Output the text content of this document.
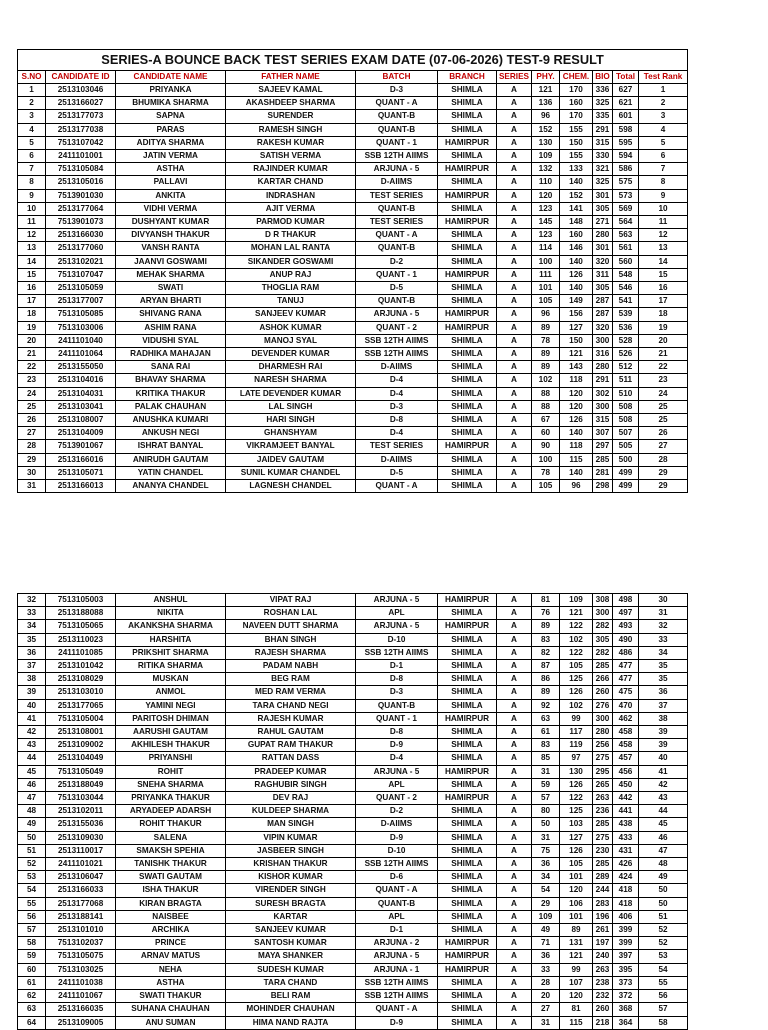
SERIES-A BOUNCE BACK TEST SERIES EXAM DATE (07-06-2026) TEST-9 RESULT											
S.NO	CANDIDATE ID	CANDIDATE NAME	FATHER NAME	BATCH	BRANCH	SERIES	PHY.	CHEM.	BIO	Total	Test Rank
1	2513103046	PRIYANKA	SAJEEV KAMAL	D-3	SHIMLA	A	121	170	336	627	1
2	2513166027	BHUMIKA SHARMA	AKASHDEEP SHARMA	QUANT - A	SHIMLA	A	136	160	325	621	2
3	2513177073	SAPNA	SURENDER	QUANT-B	SHIMLA	A	96	170	335	601	3
4	2513177038	PARAS	RAMESH SINGH	QUANT-B	SHIMLA	A	152	155	291	598	4
5	7513107042	ADITYA SHARMA	RAKESH KUMAR	QUANT - 1	HAMIRPUR	A	130	150	315	595	5
6	2411101001	JATIN VERMA	SATISH VERMA	SSB 12TH AIIMS	SHIMLA	A	109	155	330	594	6
7	7513105084	ASTHA	RAJINDER KUMAR	ARJUNA - 5	HAMIRPUR	A	132	133	321	586	7
8	2513105016	PALLAVI	KARTAR CHAND	D-AIIMS	SHIMLA	A	110	140	325	575	8
9	7513901030	ANKITA	INDRASHAN	TEST SERIES	HAMIRPUR	A	120	152	301	573	9
10	2513177064	VIDHI VERMA	AJIT VERMA	QUANT-B	SHIMLA	A	123	141	305	569	10
11	7513901073	DUSHYANT KUMAR	PARMOD KUMAR	TEST SERIES	HAMIRPUR	A	145	148	271	564	11
12	2513166030	DIVYANSH THAKUR	D R THAKUR	QUANT - A	SHIMLA	A	123	160	280	563	12
13	2513177060	VANSH RANTA	MOHAN LAL RANTA	QUANT-B	SHIMLA	A	114	146	301	561	13
14	2513102021	JAANVI GOSWAMI	SIKANDER GOSWAMI	D-2	SHIMLA	A	100	140	320	560	14
15	7513107047	MEHAK SHARMA	ANUP RAJ	QUANT - 1	HAMIRPUR	A	111	126	311	548	15
16	2513105059	SWATI	THOGLIA RAM	D-5	SHIMLA	A	101	140	305	546	16
17	2513177007	ARYAN BHARTI	TANUJ	QUANT-B	SHIMLA	A	105	149	287	541	17
18	7513105085	SHIVANG RANA	SANJEEV KUMAR	ARJUNA - 5	HAMIRPUR	A	96	156	287	539	18
19	7513103006	ASHIM RANA	ASHOK KUMAR	QUANT - 2	HAMIRPUR	A	89	127	320	536	19
20	2411101040	VIDUSHI SYAL	MANOJ SYAL	SSB 12TH AIIMS	SHIMLA	A	78	150	300	528	20
21	2411101064	RADHIKA MAHAJAN	DEVENDER KUMAR	SSB 12TH AIIMS	SHIMLA	A	89	121	316	526	21
22	2513155050	SANA RAI	DHARMESH RAI	D-AIIMS	SHIMLA	A	89	143	280	512	22
23	2513104016	BHAVAY SHARMA	NARESH SHARMA	D-4	SHIMLA	A	102	118	291	511	23
24	2513104031	KRITIKA THAKUR	LATE DEVENDER KUMAR	D-4	SHIMLA	A	88	120	302	510	24
25	2513103041	PALAK CHAUHAN	LAL SINGH	D-3	SHIMLA	A	88	120	300	508	25
26	2513108007	ANUSHKA KUMARI	HARI SINGH	D-8	SHIMLA	A	67	126	315	508	25
27	2513104009	ANKUSH NEGI	GHANSHYAM	D-4	SHIMLA	A	60	140	307	507	26
28	7513901067	ISHRAT BANYAL	VIKRAMJEET BANYAL	TEST SERIES	HAMIRPUR	A	90	118	297	505	27
29	2513166016	ANIRUDH GAUTAM	JAIDEV GAUTAM	D-AIIMS	SHIMLA	A	100	115	285	500	28
30	2513105071	YATIN CHANDEL	SUNIL KUMAR CHANDEL	D-5	SHIMLA	A	78	140	281	499	29
31	2513166013	ANANYA CHANDEL	LAGNESH CHANDEL	QUANT - A	SHIMLA	A	105	96	298	499	29
32	7513105003	ANSHUL	VIPAT RAJ	ARJUNA - 5	HAMIRPUR	A	81	109	308	498	30
33	2513188088	NIKITA	ROSHAN LAL	APL	SHIMLA	A	76	121	300	497	31
34	7513105065	AKANKSHA SHARMA	NAVEEN DUTT SHARMA	ARJUNA - 5	HAMIRPUR	A	89	122	282	493	32
35	2513110023	HARSHITA	BHAN SINGH	D-10	SHIMLA	A	83	102	305	490	33
36	2411101085	PRIKSHIT SHARMA	RAJESH SHARMA	SSB 12TH AIIMS	SHIMLA	A	82	122	282	486	34
37	2513101042	RITIKA SHARMA	PADAM NABH	D-1	SHIMLA	A	87	105	285	477	35
38	2513108029	MUSKAN	BEG RAM	D-8	SHIMLA	A	86	125	266	477	35
39	2513103010	ANMOL	MED RAM VERMA	D-3	SHIMLA	A	89	126	260	475	36
40	2513177065	YAMINI NEGI	TARA CHAND NEGI	QUANT-B	SHIMLA	A	92	102	276	470	37
41	7513105004	PARITOSH DHIMAN	RAJESH KUMAR	QUANT - 1	HAMIRPUR	A	63	99	300	462	38
42	2513108001	AARUSHI GAUTAM	RAHUL GAUTAM	D-8	SHIMLA	A	61	117	280	458	39
43	2513109002	AKHILESH THAKUR	GUPAT RAM THAKUR	D-9	SHIMLA	A	83	119	256	458	39
44	2513104049	PRIYANSHI	RATTAN DASS	D-4	SHIMLA	A	85	97	275	457	40
45	7513105049	ROHIT	PRADEEP KUMAR	ARJUNA - 5	HAMIRPUR	A	31	130	295	456	41
46	2513188049	SNEHA SHARMA	RAGHUBIR SINGH	APL	SHIMLA	A	59	126	265	450	42
47	7513103044	PRIYANKA THAKUR	DEV RAJ	QUANT - 2	HAMIRPUR	A	57	122	263	442	43
48	2513102011	ARYADEEP ADARSH	KULDEEP SHARMA	D-2	SHIMLA	A	80	125	236	441	44
49	2513155036	ROHIT THAKUR	MAN SINGH	D-AIIMS	SHIMLA	A	50	103	285	438	45
50	2513109030	SALENA	VIPIN KUMAR	D-9	SHIMLA	A	31	127	275	433	46
51	2513110017	SMAKSH SPEHIA	JASBEER SINGH	D-10	SHIMLA	A	75	126	230	431	47
52	2411101021	TANISHK THAKUR	KRISHAN THAKUR	SSB 12TH AIIMS	SHIMLA	A	36	105	285	426	48
53	2513106047	SWATI GAUTAM	KISHOR KUMAR	D-6	SHIMLA	A	34	101	289	424	49
54	2513166033	ISHA THAKUR	VIRENDER SINGH	QUANT - A	SHIMLA	A	54	120	244	418	50
55	2513177068	KIRAN BRAGTA	SURESH BRAGTA	QUANT-B	SHIMLA	A	29	106	283	418	50
56	2513188141	NAISBEE	KARTAR	APL	SHIMLA	A	109	101	196	406	51
57	2513101010	ARCHIKA	SANJEEV KUMAR	D-1	SHIMLA	A	49	89	261	399	52
58	7513102037	PRINCE	SANTOSH KUMAR	ARJUNA - 2	HAMIRPUR	A	71	131	197	399	52
59	7513105075	ARNAV MATUS	MAYA SHANKER	ARJUNA - 5	HAMIRPUR	A	36	121	240	397	53
60	7513103025	NEHA	SUDESH KUMAR	ARJUNA - 1	HAMIRPUR	A	33	99	263	395	54
61	2411101038	ASTHA	TARA CHAND	SSB 12TH AIIMS	SHIMLA	A	28	107	238	373	55
62	2411101067	SWATI THAKUR	BELI RAM	SSB 12TH AIIMS	SHIMLA	A	20	120	232	372	56
63	2513166035	SUHANA CHAUHAN	MOHINDER CHAUHAN	QUANT - A	SHIMLA	A	27	81	260	368	57
64	2513109005	ANU SUMAN	HIMA NAND RAJTA	D-9	SHIMLA	A	31	115	218	364	58
